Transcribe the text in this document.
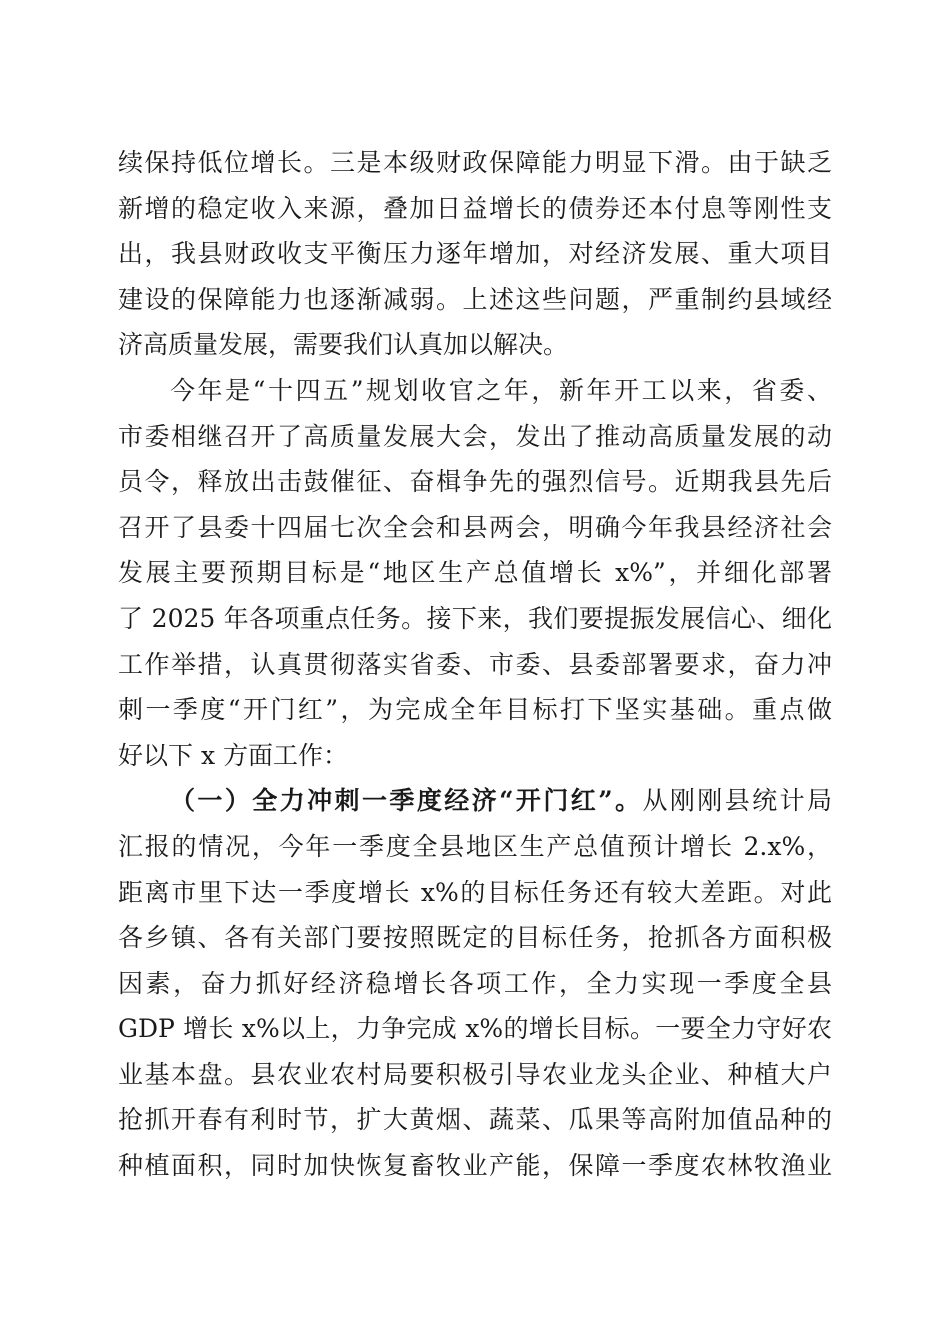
续保持低位增长。三是本级财政保障能力明显下滑。由于缺乏
新增的稳定收入来源，叠加日益增长的债券还本付息等刚性支
出，我县财政收支平衡压力逐年增加，对经济发展、重大项目
建设的保障能力也逐渐减弱。上述这些问题，严重制约县域经
济高质量发展，需要我们认真加以解决。
今年是“十四五”规划收官之年，新年开工以来，省委、
市委相继召开了高质量发展大会，发出了推动高质量发展的动
员令，释放出击鼓催征、奋楫争先的强烈信号。近期我县先后
召开了县委十四届七次全会和县两会，明确今年我县经济社会
发展主要预期目标是“地区生产总值增长 x%”，并细化部署
了 2025 年各项重点任务。接下来，我们要提振发展信心、细化
工作举措，认真贯彻落实省委、市委、县委部署要求，奋力冲
刺一季度“开门红”，为完成全年目标打下坚实基础。重点做
好以下 x 方面工作：
（一）全力冲刺一季度经济“开门红”。从刚刚县统计局
汇报的情况，今年一季度全县地区生产总值预计增长 2.x%，
距离市里下达一季度增长 x%的目标任务还有较大差距。对此
各乡镇、各有关部门要按照既定的目标任务，抢抓各方面积极
因素，奋力抓好经济稳增长各项工作，全力实现一季度全县
GDP 增长 x%以上，力争完成 x%的增长目标。一要全力守好农
业基本盘。县农业农村局要积极引导农业龙头企业、种植大户
抢抓开春有利时节，扩大黄烟、蔬菜、瓜果等高附加值品种的
种植面积，同时加快恢复畜牧业产能，保障一季度农林牧渔业
